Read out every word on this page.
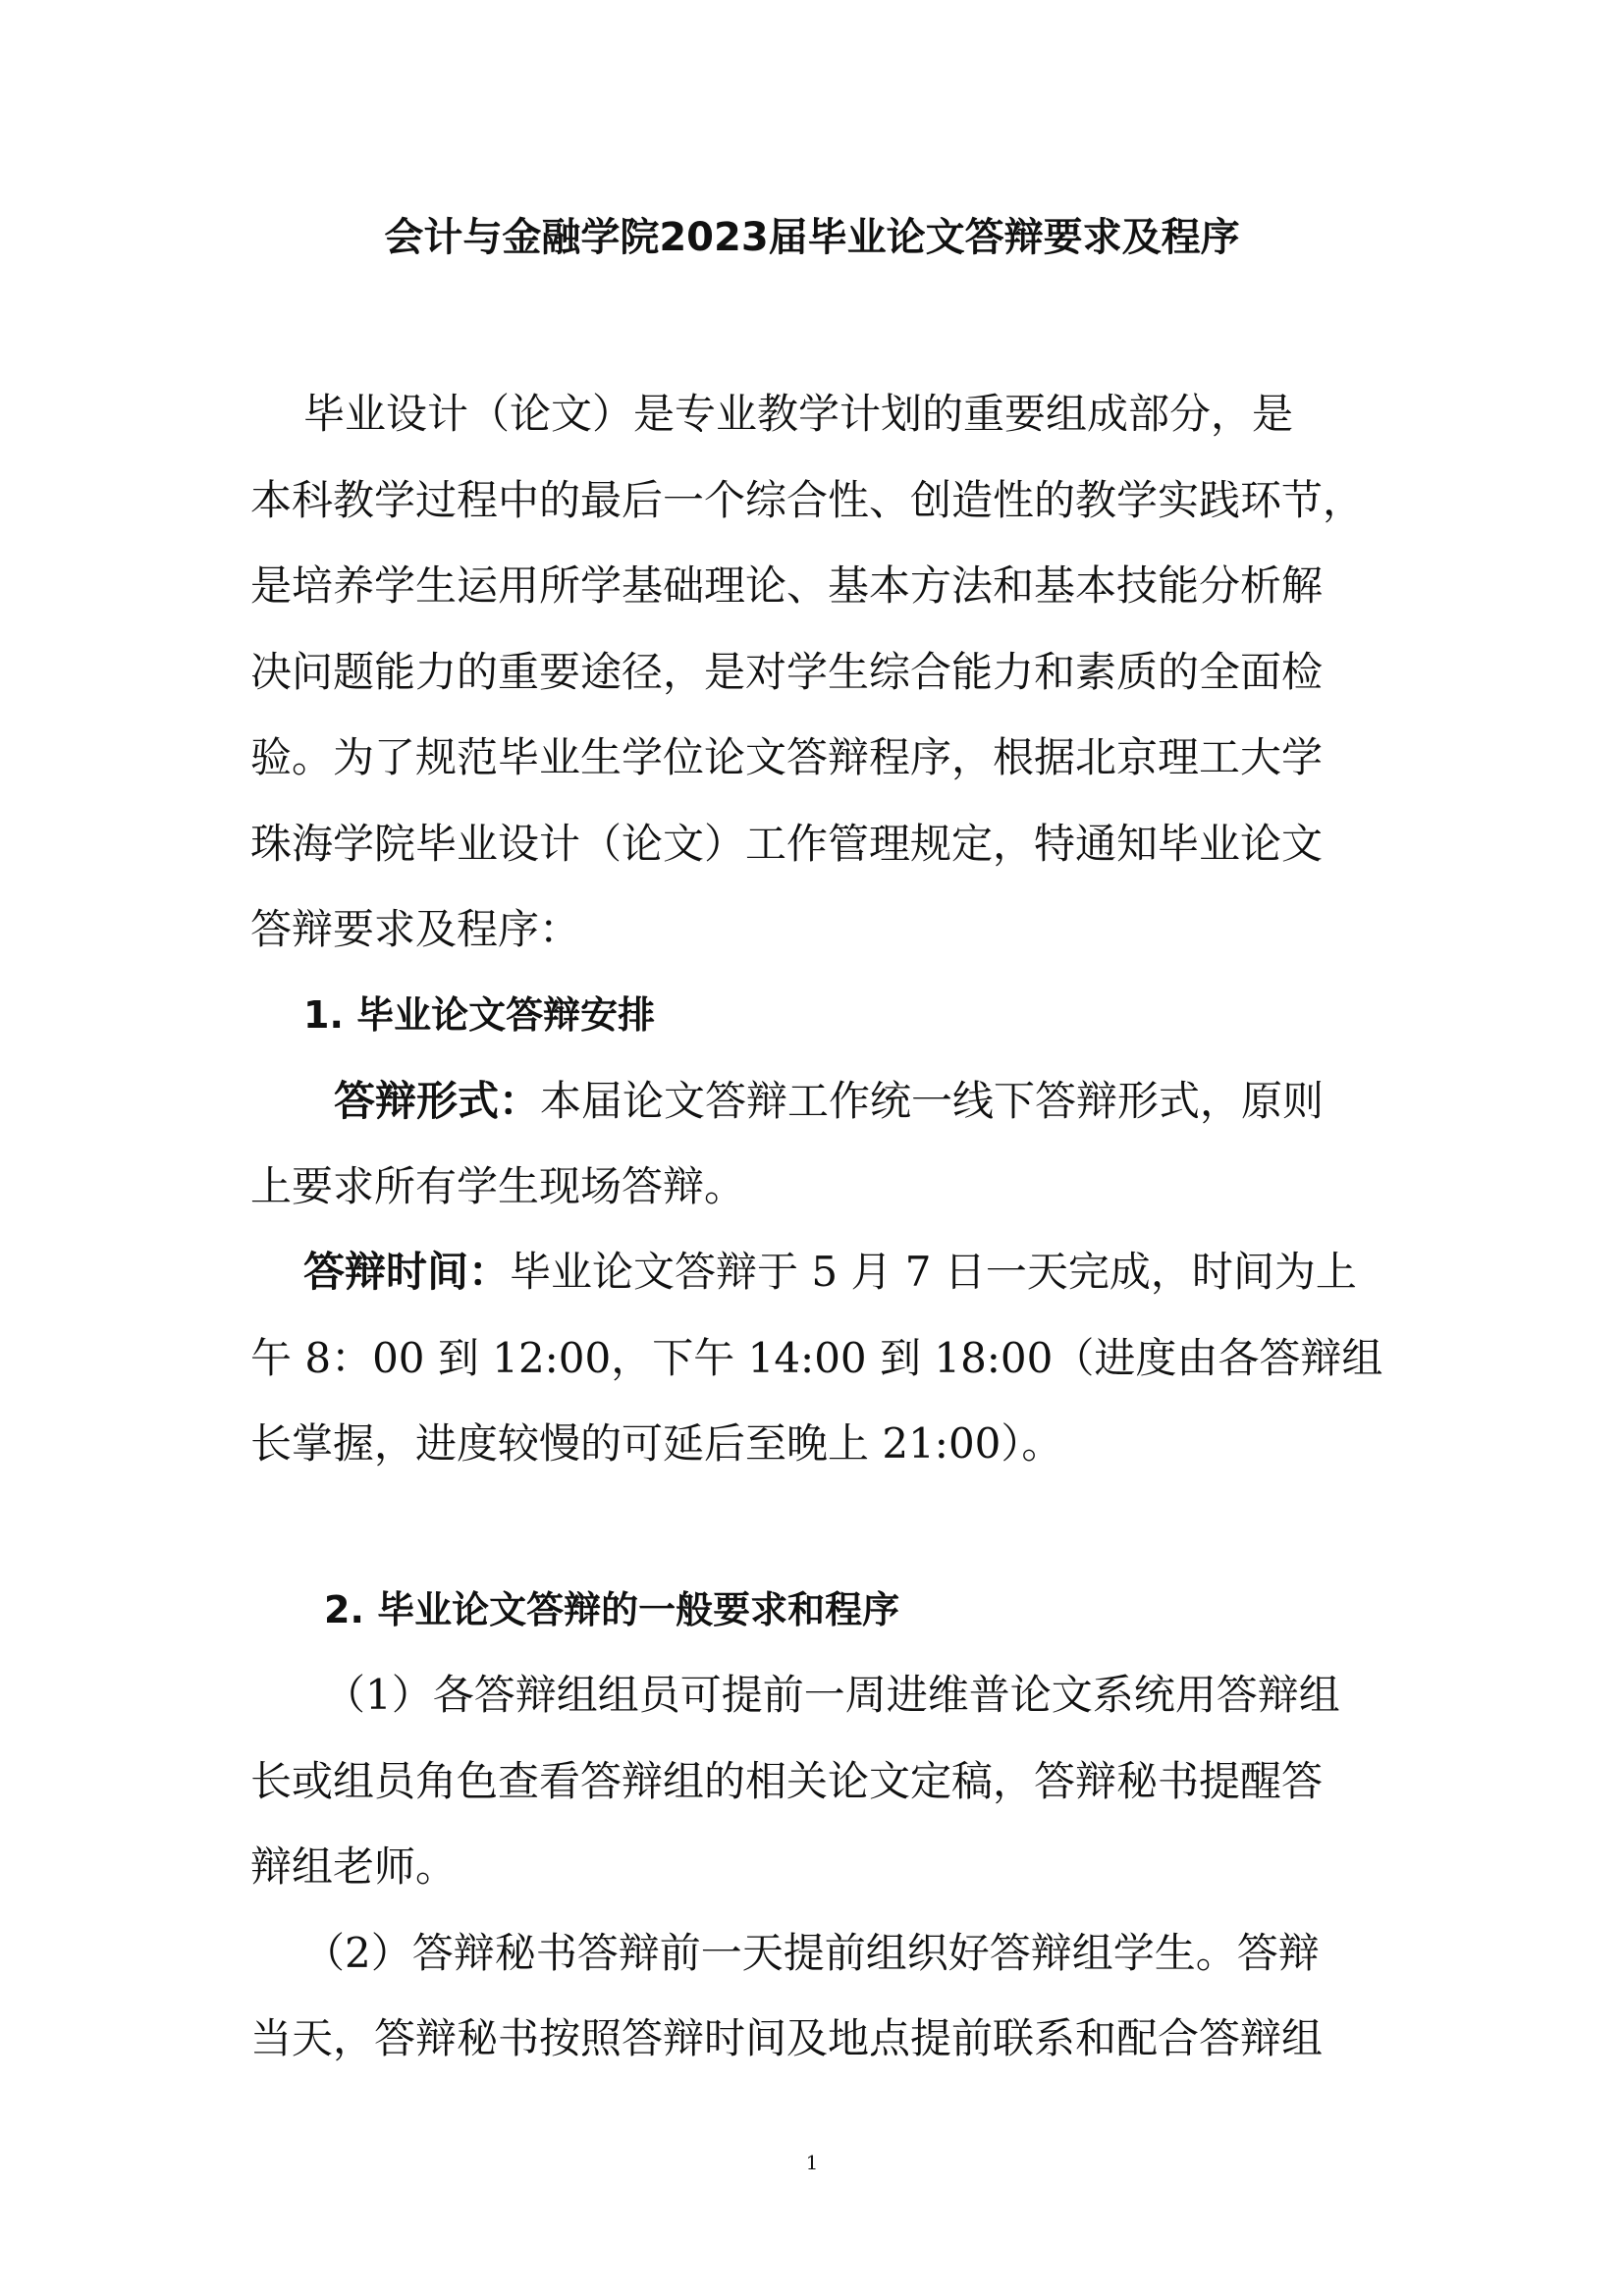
会计与金融学院2023届毕业论文答辩要求及程序
毕业设计（论文）是专业教学计划的重要组成部分，是
本科教学过程中的最后一个综合性、创造性的教学实践环节，
是培养学生运用所学基础理论、基本方法和基本技能分析解
决问题能力的重要途径，是对学生综合能力和素质的全面检
验。为了规范毕业生学位论文答辩程序，根据北京理工大学
珠海学院毕业设计（论文）工作管理规定，特通知毕业论文
答辩要求及程序：
1. 毕业论文答辩安排
答辩形式：本届论文答辩工作统一线下答辩形式，原则
上要求所有学生现场答辩。
答辩时间：毕业论文答辩于 5 月 7 日一天完成，时间为上
午 8：00 到 12:00，下午 14:00 到 18:00（进度由各答辩组
长掌握，进度较慢的可延后至晚上 21:00）。
2. 毕业论文答辩的一般要求和程序
（1）各答辩组组员可提前一周进维普论文系统用答辩组
长或组员角色查看答辩组的相关论文定稿，答辩秘书提醒答
辩组老师。
（2）答辩秘书答辩前一天提前组织好答辩组学生。答辩
当天，答辩秘书按照答辩时间及地点提前联系和配合答辩组
1
